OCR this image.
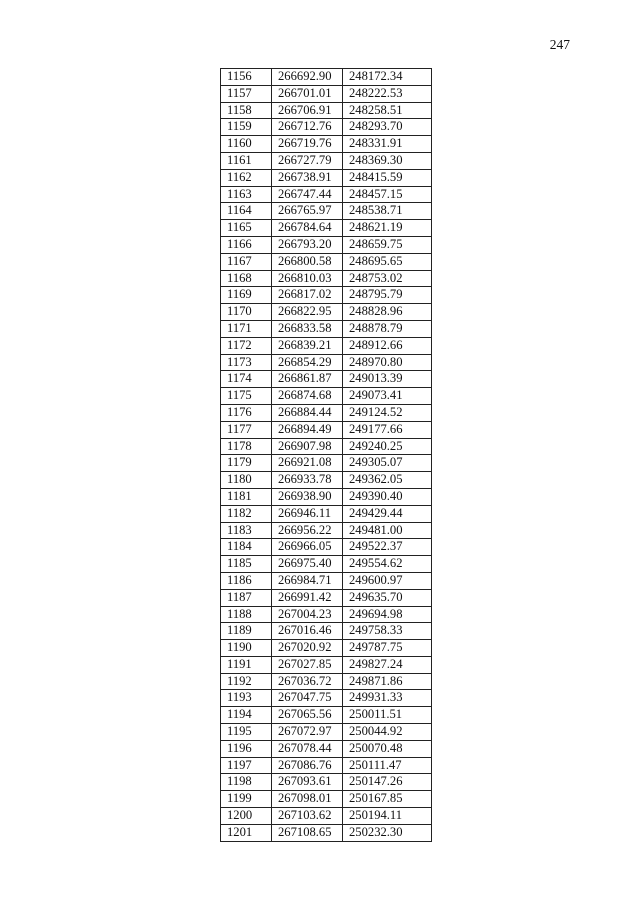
247
1156	266692.90	248172.34
1157	266701.01	248222.53
1158	266706.91	248258.51
1159	266712.76	248293.70
1160	266719.76	248331.91
1161	266727.79	248369.30
1162	266738.91	248415.59
1163	266747.44	248457.15
1164	266765.97	248538.71
1165	266784.64	248621.19
1166	266793.20	248659.75
1167	266800.58	248695.65
1168	266810.03	248753.02
1169	266817.02	248795.79
1170	266822.95	248828.96
1171	266833.58	248878.79
1172	266839.21	248912.66
1173	266854.29	248970.80
1174	266861.87	249013.39
1175	266874.68	249073.41
1176	266884.44	249124.52
1177	266894.49	249177.66
1178	266907.98	249240.25
1179	266921.08	249305.07
1180	266933.78	249362.05
1181	266938.90	249390.40
1182	266946.11	249429.44
1183	266956.22	249481.00
1184	266966.05	249522.37
1185	266975.40	249554.62
1186	266984.71	249600.97
1187	266991.42	249635.70
1188	267004.23	249694.98
1189	267016.46	249758.33
1190	267020.92	249787.75
1191	267027.85	249827.24
1192	267036.72	249871.86
1193	267047.75	249931.33
1194	267065.56	250011.51
1195	267072.97	250044.92
1196	267078.44	250070.48
1197	267086.76	250111.47
1198	267093.61	250147.26
1199	267098.01	250167.85
1200	267103.62	250194.11
1201	267108.65	250232.30
